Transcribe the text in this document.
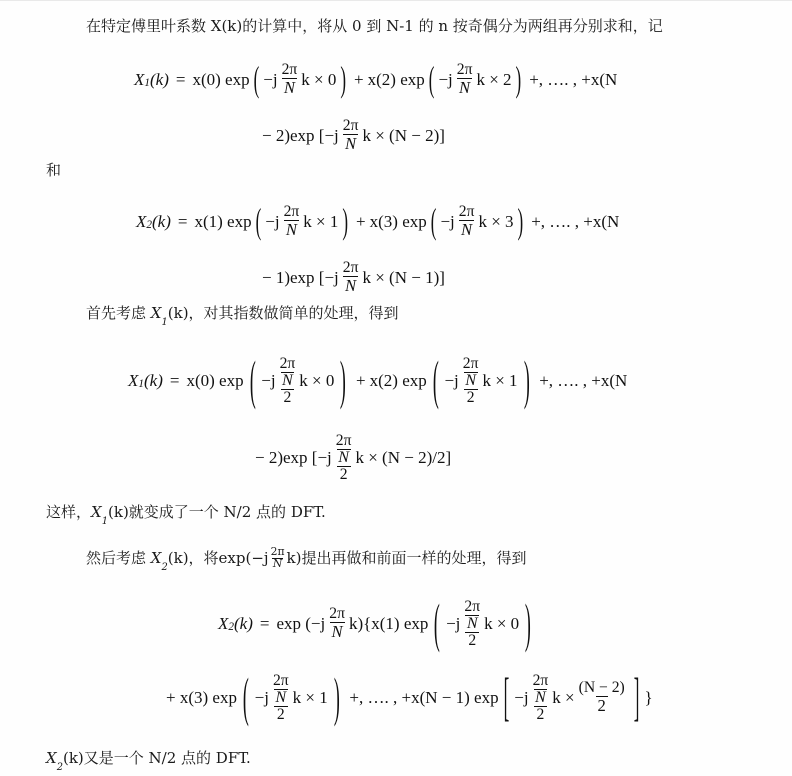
在特定傅里叶系数 X(k)的计算中，将从 0 到 N-1 的 n 按奇偶分为两组再分别求和，记
X 1 (k) = x(0) exp ( $-j \frac{2\pi}{N}$ k × 0 ) + x(2) exp ( $-j \frac{2\pi}{N}$ k × 2 ) +, …. , +x(N
− 2)exp [$-j \frac{2\pi}{N}$ k × (N − 2)]
和
X 2 (k) = x(1) exp ( $-j \frac{2\pi}{N}$ k × 1 ) + x(3) exp ( $-j \frac{2\pi}{N}$ k × 3 ) +, …. , +x(N
− 1)exp [$-j \frac{2\pi}{N}$ k × (N − 1)]
首先考虑 $X_1(k)$，对其指数做简单的处理，得到
X 1 (k) = x(0) exp ( $-j \frac{2\pi}{\frac{N}{2}}$ k × 0 ) + x(2) exp ( $-j \frac{2\pi}{\frac{N}{2}}$ k × 1 ) +, …. , +x(N
− 2)exp [$-j \frac{2\pi}{\frac{N}{2}}$ k × (N − 2)/2]
这样，$X_1(k)$就变成了一个 N/2 点的 DFT.
然后考虑 $X_2(k)$，将$\exp(-j \frac{2\pi}{N} k)$提出再做和前面一样的处理，得到
X 2 $(k) = \exp (-j \frac{2\pi}{N} k)\{x(1)$ exp ( $-j \frac{2\pi}{\frac{N}{2}}$ k × 0 )
+ x(3) exp ( $-j \frac{2\pi}{\frac{N}{2}}$ k × 1 ) +, …. , +x(N − 1) exp [ $-j \frac{2\pi}{\frac{N}{2}}$ $k \times \frac{(N - 2)}{2}$ ] }
$X_2(k)$又是一个 N/2 点的 DFT.
